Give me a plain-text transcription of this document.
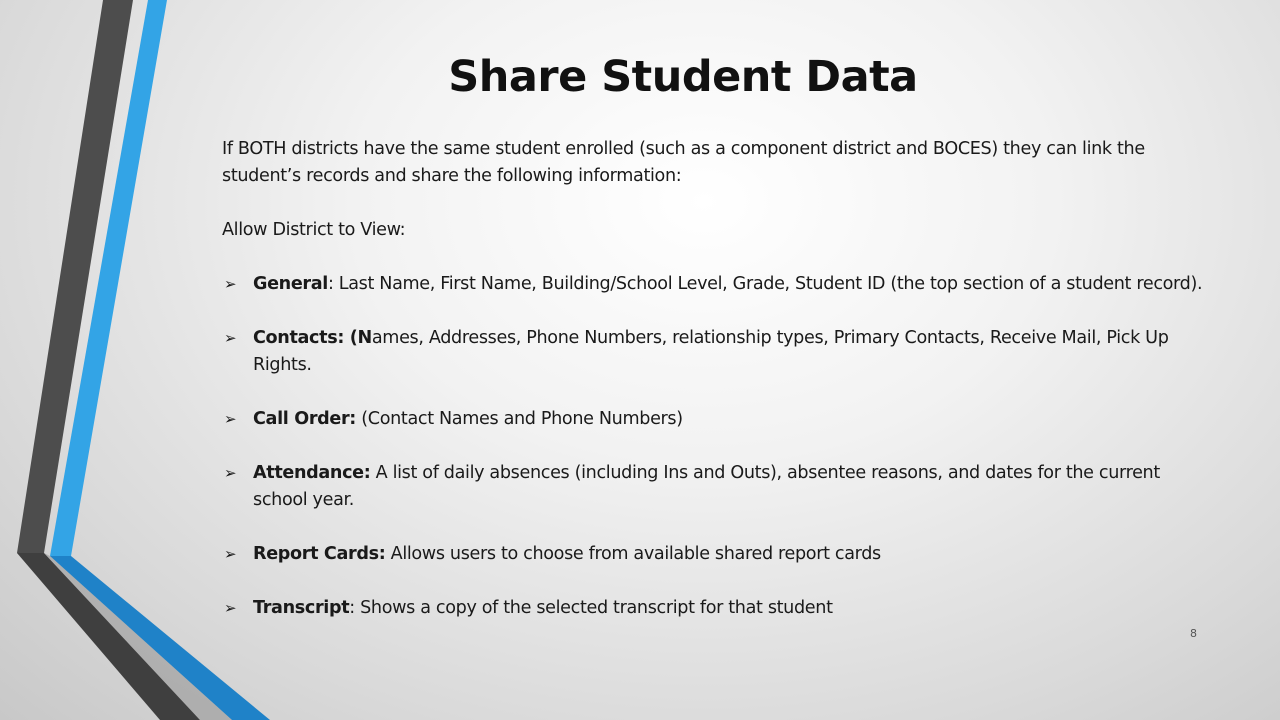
Share Student Data

If BOTH districts have the same student enrolled (such as a component district and BOCES) they can link the student’s records and share the following information:

Allow District to View:

➢ General: Last Name, First Name, Building/School Level, Grade, Student ID (the top section of a student record).

➢ Contacts: (Names, Addresses, Phone Numbers, relationship types, Primary Contacts, Receive Mail, Pick Up Rights.

➢ Call Order: (Contact Names and Phone Numbers)

➢ Attendance: A list of daily absences (including Ins and Outs), absentee reasons, and dates for the current school year.

➢ Report Cards: Allows users to choose from available shared report cards

➢ Transcript: Shows a copy of the selected transcript for that student

8
